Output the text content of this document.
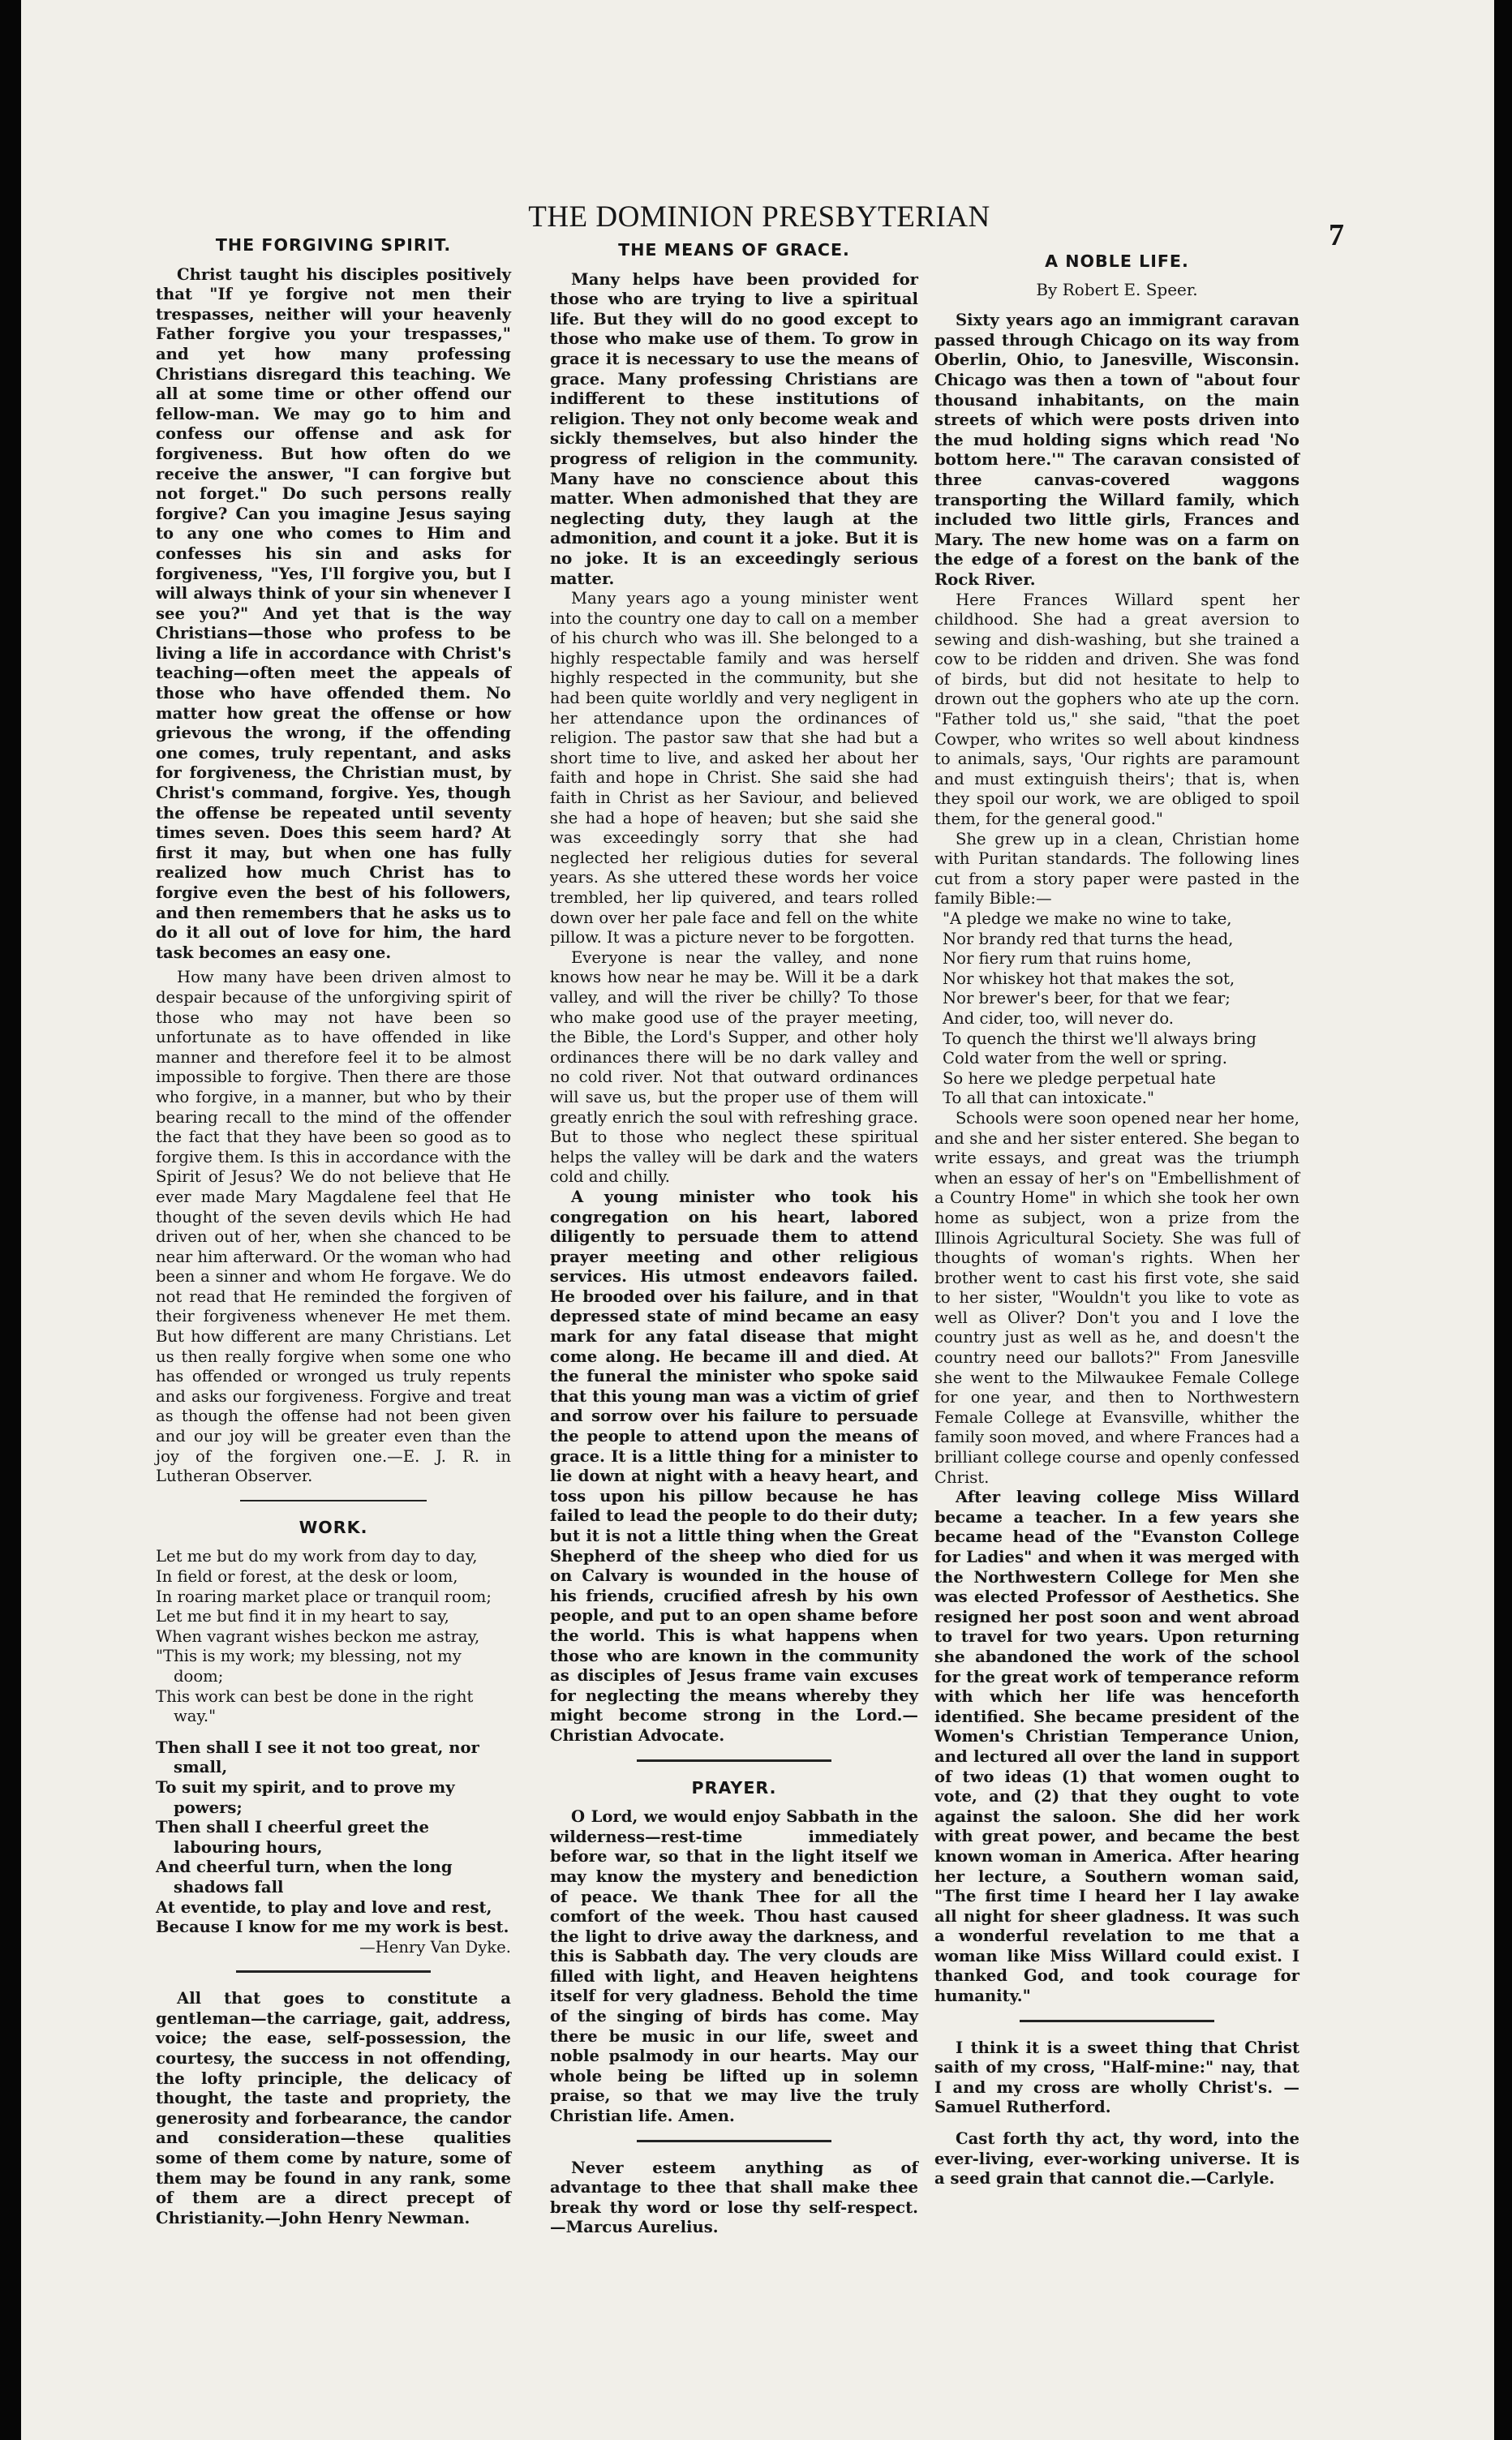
THE DOMINION PRESBYTERIAN
7
THE FORGIVING SPIRIT.

Christ taught his disciples positively that "If ye forgive not men their trespasses, neither will your heavenly Father forgive you your trespasses," and yet how many professing Christians disregard this teaching. We all at some time or other offend our fellow-man. We may go to him and confess our offense and ask for forgiveness. But how often do we receive the answer, "I can forgive but not forget." Do such persons really forgive? Can you imagine Jesus saying to any one who comes to Him and confesses his sin and asks for forgiveness, "Yes, I'll forgive you, but I will always think of your sin whenever I see you?" And yet that is the way Christians—those who profess to be living a life in accordance with Christ's teaching—often meet the appeals of those who have offended them. No matter how great the offense or how grievous the wrong, if the offending one comes, truly repentant, and asks for forgiveness, the Christian must, by Christ's command, forgive. Yes, though the offense be repeated until seventy times seven. Does this seem hard? At first it may, but when one has fully realized how much Christ has to forgive even the best of his followers, and then remembers that he asks us to do it all out of love for him, the hard task becomes an easy one.

How many have been driven almost to despair because of the unforgiving spirit of those who may not have been so unfortunate as to have offended in like manner and therefore feel it to be almost impossible to forgive. Then there are those who forgive, in a manner, but who by their bearing recall to the mind of the offender the fact that they have been so good as to forgive them. Is this in accordance with the Spirit of Jesus? We do not believe that He ever made Mary Magdalene feel that He thought of the seven devils which He had driven out of her, when she chanced to be near him afterward. Or the woman who had been a sinner and whom He forgave. We do not read that He reminded the forgiven of their forgiveness whenever He met them. But how different are many Christians. Let us then really forgive when some one who has offended or wronged us truly repents and asks our forgiveness. Forgive and treat as though the offense had not been given and our joy will be greater even than the joy of the forgiven one.—E. J. R. in Lutheran Observer.

WORK.
Let me but do my work from day to day,
In field or forest, at the desk or loom,
In roaring market place or tranquil room;
Let me but find it in my heart to say,
When vagrant wishes beckon me astray,
"This is my work; my blessing, not my doom;
This work can best be done in the right way."
Then shall I see it not too great, nor small,
To suit my spirit, and to prove my powers;
Then shall I cheerful greet the labouring hours,
And cheerful turn, when the long shadows fall
At eventide, to play and love and rest,
Because I know for me my work is best.
—Henry Van Dyke.

All that goes to constitute a gentleman—the carriage, gait, address, voice; the ease, self-possession, the courtesy, the success in not offending, the lofty principle, the delicacy of thought, the taste and propriety, the generosity and forbearance, the candor and consideration—these qualities some of them come by nature, some of them may be found in any rank, some of them are a direct precept of Christianity.—John Henry Newman.

THE MEANS OF GRACE.

Many helps have been provided for those who are trying to live a spiritual life. But they will do no good except to those who make use of them. To grow in grace it is necessary to use the means of grace. Many professing Christians are indifferent to these institutions of religion. They not only become weak and sickly themselves, but also hinder the progress of religion in the community. Many have no conscience about this matter. When admonished that they are neglecting duty, they laugh at the admonition, and count it a joke. But it is no joke. It is an exceedingly serious matter.

Many years ago a young minister went into the country one day to call on a member of his church who was ill. She belonged to a highly respectable family and was herself highly respected in the community, but she had been quite worldly and very negligent in her attendance upon the ordinances of religion. The pastor saw that she had but a short time to live, and asked her about her faith and hope in Christ. She said she had faith in Christ as her Saviour, and believed she had a hope of heaven; but she said she was exceedingly sorry that she had neglected her religious duties for several years. As she uttered these words her voice trembled, her lip quivered, and tears rolled down over her pale face and fell on the white pillow. It was a picture never to be forgotten.

Everyone is near the valley, and none knows how near he may be. Will it be a dark valley, and will the river be chilly? To those who make good use of the prayer meeting, the Bible, the Lord's Supper, and other holy ordinances there will be no dark valley and no cold river. Not that outward ordinances will save us, but the proper use of them will greatly enrich the soul with refreshing grace. But to those who neglect these spiritual helps the valley will be dark and the waters cold and chilly.

A young minister who took his congregation on his heart, labored diligently to persuade them to attend prayer meeting and other religious services. His utmost endeavors failed. He brooded over his failure, and in that depressed state of mind became an easy mark for any fatal disease that might come along. He became ill and died. At the funeral the minister who spoke said that this young man was a victim of grief and sorrow over his failure to persuade the people to attend upon the means of grace. It is a little thing for a minister to lie down at night with a heavy heart, and toss upon his pillow because he has failed to lead the people to do their duty; but it is not a little thing when the Great Shepherd of the sheep who died for us on Calvary is wounded in the house of his friends, crucified afresh by his own people, and put to an open shame before the world. This is what happens when those who are known in the community as disciples of Jesus frame vain excuses for neglecting the means whereby they might become strong in the Lord.—Christian Advocate.

PRAYER.

O Lord, we would enjoy Sabbath in the wilderness—rest-time immediately before war, so that in the light itself we may know the mystery and benediction of peace. We thank Thee for all the comfort of the week. Thou hast caused the light to drive away the darkness, and this is Sabbath day. The very clouds are filled with light, and Heaven heightens itself for very gladness. Behold the time of the singing of birds has come. May there be music in our life, sweet and noble psalmody in our hearts. May our whole being be lifted up in solemn praise, so that we may live the truly Christian life. Amen.

Never esteem anything as of advantage to thee that shall make thee break thy word or lose thy self-respect. —Marcus Aurelius.

A NOBLE LIFE.
By Robert E. Speer.

Sixty years ago an immigrant caravan passed through Chicago on its way from Oberlin, Ohio, to Janesville, Wisconsin. Chicago was then a town of "about four thousand inhabitants, on the main streets of which were posts driven into the mud holding signs which read 'No bottom here.'" The caravan consisted of three canvas-covered waggons transporting the Willard family, which included two little girls, Frances and Mary. The new home was on a farm on the edge of a forest on the bank of the Rock River.

Here Frances Willard spent her childhood. She had a great aversion to sewing and dish-washing, but she trained a cow to be ridden and driven. She was fond of birds, but did not hesitate to help to drown out the gophers who ate up the corn. "Father told us," she said, "that the poet Cowper, who writes so well about kindness to animals, says, 'Our rights are paramount and must extinguish theirs'; that is, when they spoil our work, we are obliged to spoil them, for the general good."

She grew up in a clean, Christian home with Puritan standards. The following lines cut from a story paper were pasted in the family Bible:—

"A pledge we make no wine to take,
Nor brandy red that turns the head,
Nor fiery rum that ruins home,
Nor whiskey hot that makes the sot,
Nor brewer's beer, for that we fear;
And cider, too, will never do.
To quench the thirst we'll always bring
Cold water from the well or spring.
So here we pledge perpetual hate
To all that can intoxicate."

Schools were soon opened near her home, and she and her sister entered. She began to write essays, and great was the triumph when an essay of her's on "Embellishment of a Country Home" in which she took her own home as subject, won a prize from the Illinois Agricultural Society. She was full of thoughts of woman's rights. When her brother went to cast his first vote, she said to her sister, "Wouldn't you like to vote as well as Oliver? Don't you and I love the country just as well as he, and doesn't the country need our ballots?" From Janesville she went to the Milwaukee Female College for one year, and then to Northwestern Female College at Evansville, whither the family soon moved, and where Frances had a brilliant college course and openly confessed Christ.

After leaving college Miss Willard became a teacher. In a few years she became head of the "Evanston College for Ladies" and when it was merged with the Northwestern College for Men she was elected Professor of Aesthetics. She resigned her post soon and went abroad to travel for two years. Upon returning she abandoned the work of the school for the great work of temperance reform with which her life was henceforth identified. She became president of the Women's Christian Temperance Union, and lectured all over the land in support of two ideas (1) that women ought to vote, and (2) that they ought to vote against the saloon. She did her work with great power, and became the best known woman in America. After hearing her lecture, a Southern woman said, "The first time I heard her I lay awake all night for sheer gladness. It was such a wonderful revelation to me that a woman like Miss Willard could exist. I thanked God, and took courage for humanity."

I think it is a sweet thing that Christ saith of my cross, "Half-mine:" nay, that I and my cross are wholly Christ's. —Samuel Rutherford.

Cast forth thy act, thy word, into the ever-living, ever-working universe. It is a seed grain that cannot die.—Carlyle.
